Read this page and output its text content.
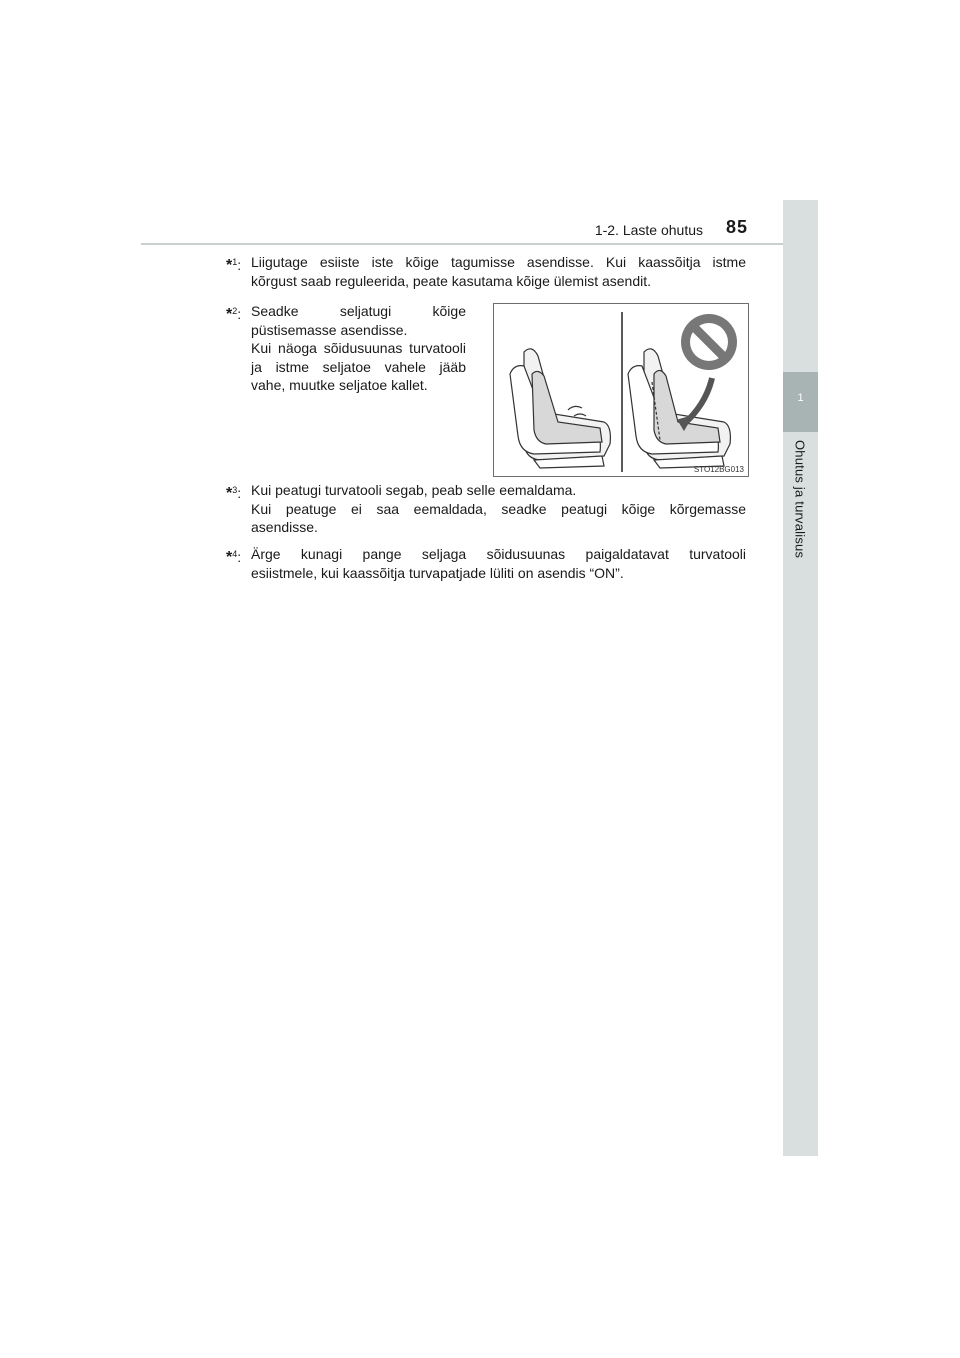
1-2. Laste ohutus	85
1
Ohutus ja turvalisus
*$^1$: Liigutage esiiste iste kõige tagumisse asendisse. Kui kaassõitja istme
kõrgust saab reguleerida, peate kasutama kõige ülemist asendit.
*$^2$: Seadke seljatugi kõige
püstisemasse asendisse.
Kui näoga sõidusuunas turvatooli
ja istme seljatoe vahele jääb
vahe, muutke seljatoe kallet.
STO12BG013
*$^3$: Kui peatugi turvatooli segab, peab selle eemaldama.
Kui peatuge ei saa eemaldada, seadke peatugi kõige kõrgemasse
asendisse.
*$^4$: Ärge kunagi pange seljaga sõidusuunas paigaldatavat turvatooli
esiistmele, kui kaassõitja turvapatjade lüliti on asendis “ON”.
